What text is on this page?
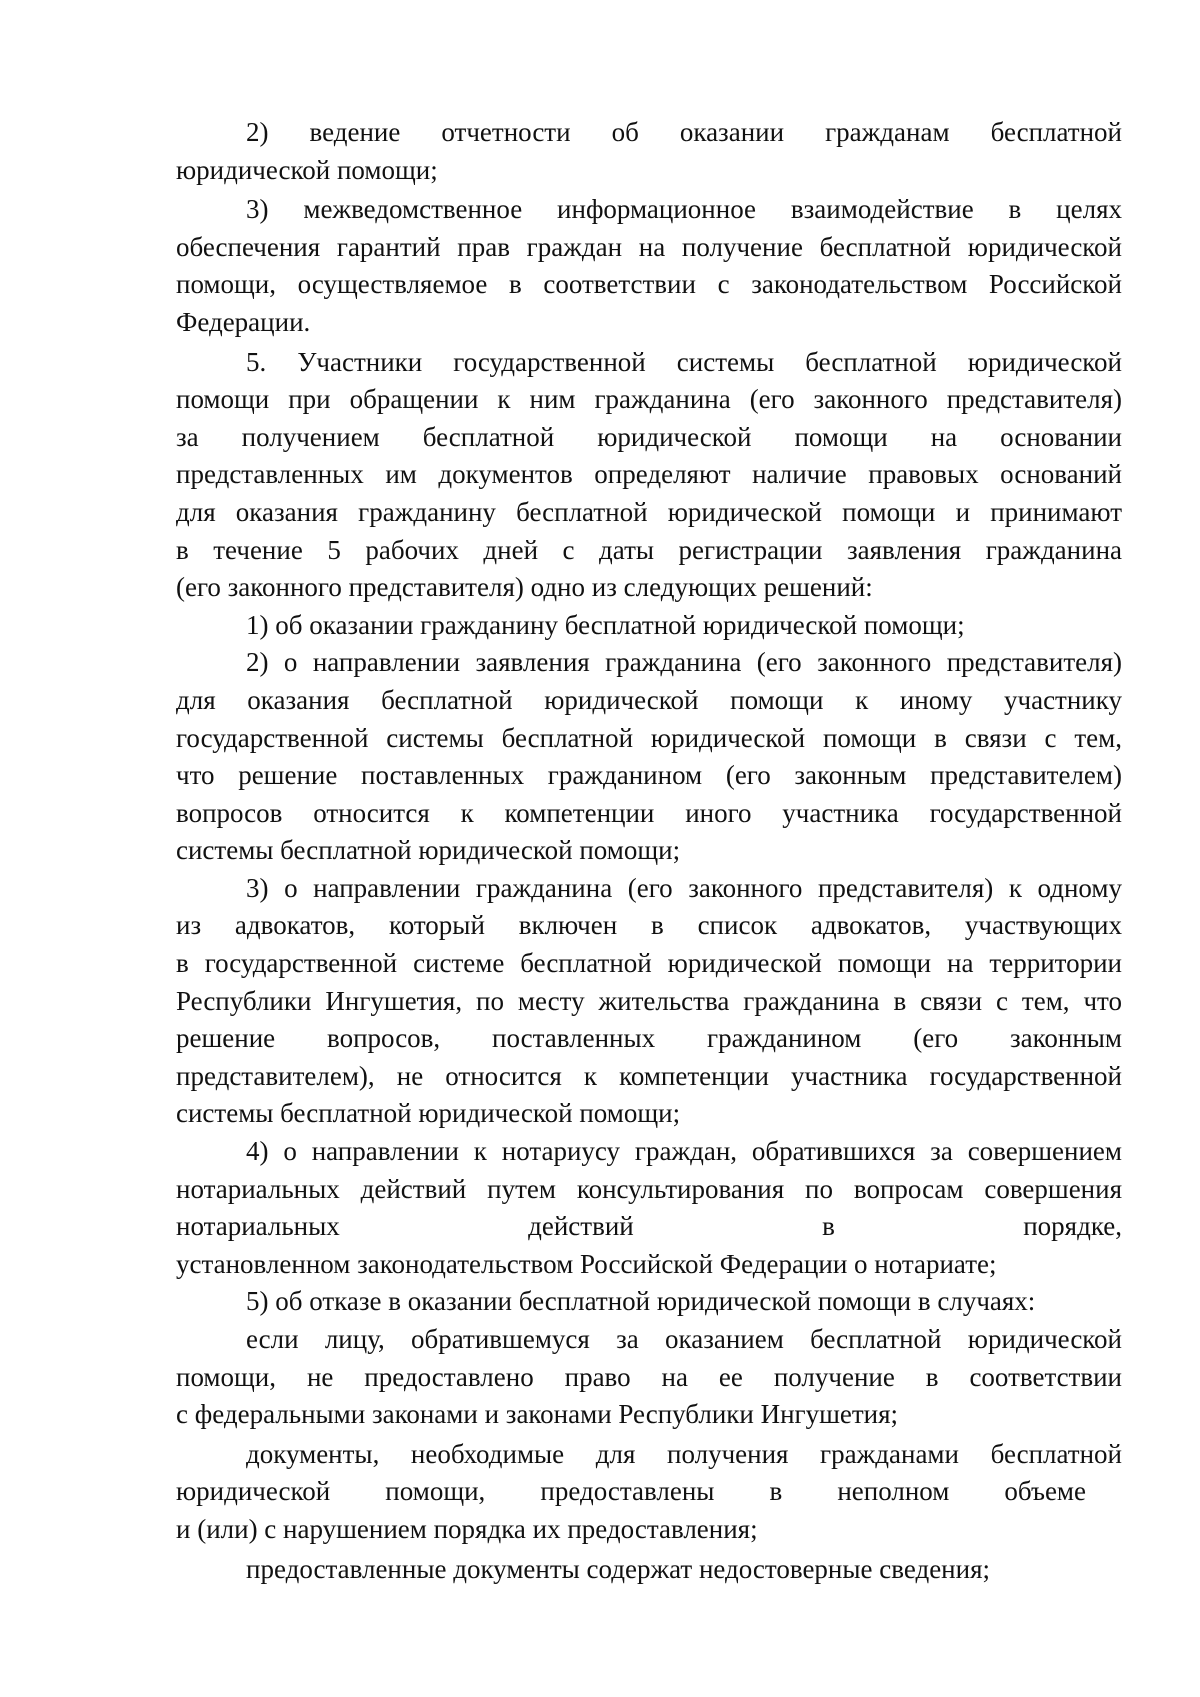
2) ведение отчетности об оказании гражданам бесплатной
юридической помощи;
3) межведомственное информационное взаимодействие в целях
обеспечения гарантий прав граждан на получение бесплатной юридической
помощи, осуществляемое в соответствии с законодательством Российской
Федерации.
5. Участники государственной системы бесплатной юридической
помощи при обращении к ним гражданина (его законного представителя)
за получением бесплатной юридической помощи на основании
представленных им документов определяют наличие правовых оснований
для оказания гражданину бесплатной юридической помощи и принимают
в течение 5 рабочих дней с даты регистрации заявления гражданина
(его законного представителя) одно из следующих решений:
1) об оказании гражданину бесплатной юридической помощи;
2) о направлении заявления гражданина (его законного представителя)
для оказания бесплатной юридической помощи к иному участнику
государственной системы бесплатной юридической помощи в связи с тем,
что решение поставленных гражданином (его законным представителем)
вопросов относится к компетенции иного участника государственной
системы бесплатной юридической помощи;
3) о направлении гражданина (его законного представителя) к одному
из адвокатов, который включен в список адвокатов, участвующих
в государственной системе бесплатной юридической помощи на территории
Республики Ингушетия, по месту жительства гражданина в связи с тем, что
решение вопросов, поставленных гражданином (его законным
представителем), не относится к компетенции участника государственной
системы бесплатной юридической помощи;
4) о направлении к нотариусу граждан, обратившихся за совершением
нотариальных действий путем консультирования по вопросам совершения
нотариальных действий в порядке,
установленном законодательством Российской Федерации о нотариате;
5) об отказе в оказании бесплатной юридической помощи в случаях:
если лицу, обратившемуся за оказанием бесплатной юридической
помощи, не предоставлено право на ее получение в соответствии
с федеральными законами и законами Республики Ингушетия;
документы, необходимые для получения гражданами бесплатной
юридической помощи, предоставлены в неполном объеме
и (или) с нарушением порядка их предоставления;
предоставленные документы содержат недостоверные сведения;
